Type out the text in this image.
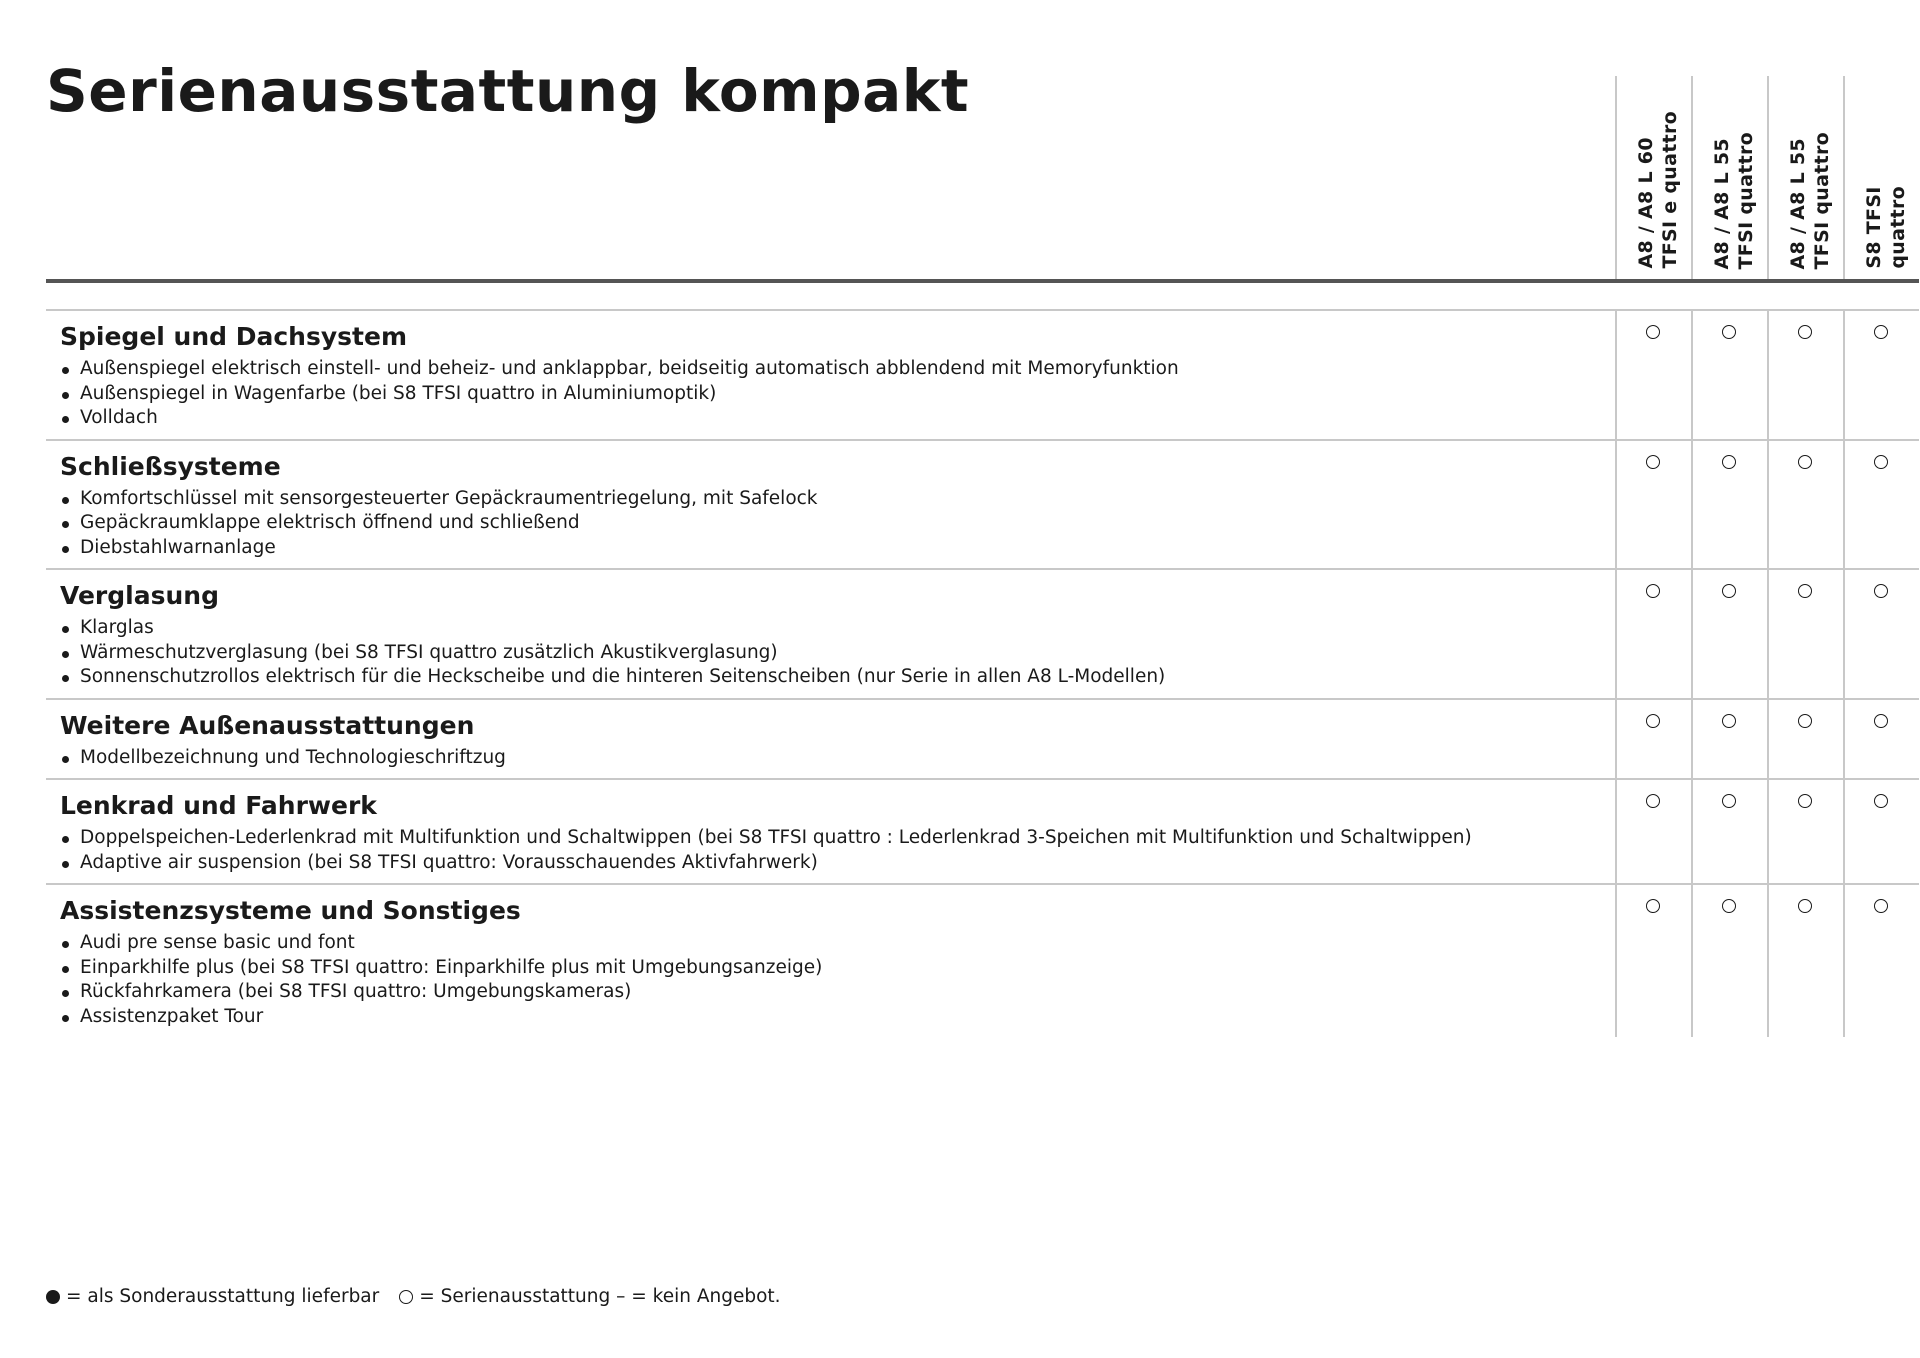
Serienausstattung kompakt
A8 / A8 L 60 TFSI e quattro A8 / A8 L 55 TFSI quattro A8 / A8 L 55 TFSI quattro S8 TFSI quattro
Spiegel und Dachsystem
Außenspiegel elektrisch einstell- und beheiz- und anklappbar, beidseitig automatisch abblendend mit Memoryfunktion
Außenspiegel in Wagenfarbe (bei S8 TFSI quattro in Aluminiumoptik)
Volldach
Schließsysteme
Komfortschlüssel mit sensorgesteuerter Gepäckraumentriegelung, mit Safelock
Gepäckraumklappe elektrisch öffnend und schließend
Diebstahlwarnanlage
Verglasung
Klarglas
Wärmeschutzverglasung (bei S8 TFSI quattro zusätzlich Akustikverglasung)
Sonnenschutzrollos elektrisch für die Heckscheibe und die hinteren Seitenscheiben (nur Serie in allen A8 L-Modellen)
Weitere Außenausstattungen
Modellbezeichnung und Technologieschriftzug
Lenkrad und Fahrwerk
Doppelspeichen-Lederlenkrad mit Multifunktion und Schaltwippen (bei S8 TFSI quattro : Lederlenkrad 3-Speichen mit Multifunktion und Schaltwippen)
Adaptive air suspension (bei S8 TFSI quattro: Vorausschauendes Aktivfahrwerk)
Assistenzsysteme und Sonstiges
Audi pre sense basic und font
Einparkhilfe plus (bei S8 TFSI quattro: Einparkhilfe plus mit Umgebungsanzeige)
Rückfahrkamera (bei S8 TFSI quattro: Umgebungskameras)
Assistenzpaket Tour
= als Sonderausstattung lieferbar = Serienausstattung – = kein Angebot.
